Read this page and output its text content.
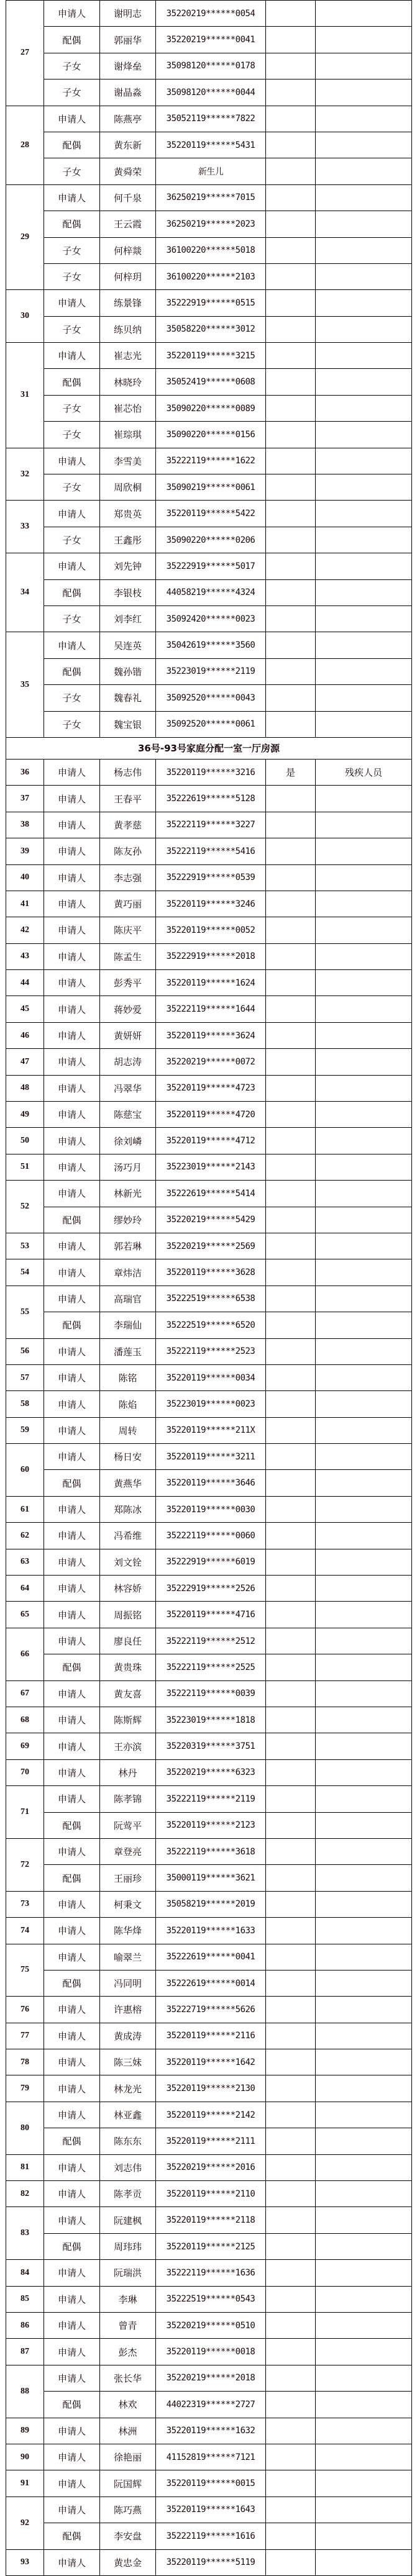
27	申请人	谢明志	35220219******0054		
	配偶	郭丽华	35220219******0041		
	子女	谢烽垒	35098120******0178		
	子女	谢晶淼	35098120******0044		
28	申请人	陈燕亭	35052119******7822		
	配偶	黄东新	35220119******5431		
	子女	黄舜荣	新生儿		
29	申请人	何千泉	36250219******7015		
	配偶	王云霞	36250219******2023		
	子女	何梓燚	36100220******5018		
	子女	何梓玥	36100220******2103		
30	申请人	练景锋	35222919******0515		
	子女	练贝纳	35058220******3012		
31	申请人	崔志光	35220119******3215		
	配偶	林晓玲	35052419******0608		
	子女	崔芯怡	35090220******0089		
	子女	崔琮琪	35090220******0156		
32	申请人	李雪美	35222119******1622		
	子女	周欣桐	35090219******0061		
33	申请人	郑贵英	35220119******5422		
	子女	王鑫彤	35090220******0206		
34	申请人	刘先钟	35222919******5017		
	配偶	李银枝	44058219******4324		
	子女	刘李红	35092420******0023		
35	申请人	吴连英	35042619******3560		
	配偶	魏孙锴	35223019******2119		
	子女	魏春礼	35092520******0043		
	子女	魏宝银	35092520******0061		
36号-93号家庭分配一室一厅房源					
36	申请人	杨志伟	35220119******3216	是	残疾人员
37	申请人	王春平	35222619******5128		
38	申请人	黄孝慈	35222119******3227		
39	申请人	陈友孙	35222119******5416		
40	申请人	李志强	35222919******0539		
41	申请人	黄巧丽	35220119******3246		
42	申请人	陈庆平	35220119******0052		
43	申请人	陈孟生	35222919******2018		
44	申请人	彭秀平	35220119******1624		
45	申请人	蒋妙爱	35222119******1644		
46	申请人	黄妍妍	35220119******3624		
47	申请人	胡志涛	35220219******0072		
48	申请人	冯翠华	35220119******4723		
49	申请人	陈慈宝	35220119******4720		
50	申请人	徐刘嶙	35220119******4712		
51	申请人	汤巧月	35223019******2143		
52	申请人	林新光	35222619******5414		
	配偶	缪妙玲	35220219******5429		
53	申请人	郭若琳	35220219******2569		
54	申请人	章炜洁	35220119******3628		
55	申请人	高瑞官	35222519******6538		
	配偶	李瑞仙	35222519******6520		
56	申请人	潘莲玉	35222119******2523		
57	申请人	陈铭	35220119******0034		
58	申请人	陈焰	35223019******0023		
59	申请人	周转	35220119******211X		
60	申请人	杨日安	35220119******3211		
	配偶	黄燕华	35220119******3646		
61	申请人	郑陈冰	35220119******0030		
62	申请人	冯希维	35222119******0060		
63	申请人	刘文铨	35222919******6019		
64	申请人	林容娇	35222919******2526		
65	申请人	周振铭	35220119******4716		
66	申请人	廖良任	35222119******2512		
	配偶	黄贵珠	35222119******2525		
67	申请人	黄友喜	35222119******0039		
68	申请人	陈斯辉	35223019******1818		
69	申请人	王亦滨	35220319******3751		
70	申请人	林丹	35220219******6323		
71	申请人	陈孝锦	35222119******2119		
	配偶	阮莺平	35220119******2123		
72	申请人	章登亮	35222119******3618		
	配偶	王丽珍	35000119******3621		
73	申请人	柯秉文	35058219******2019		
74	申请人	陈华烽	35220119******1633		
75	申请人	喻翠兰	35222619******0041		
	配偶	冯同明	35222619******0014		
76	申请人	许惠榕	35222719******5626		
77	申请人	黄成涛	35220119******2116		
78	申请人	陈三妹	35220119******1642		
79	申请人	林龙光	35220119******2130		
80	申请人	林亚鑫	35220119******2142		
	配偶	陈东东	35220119******2111		
81	申请人	刘志伟	35220219******2016		
82	申请人	陈孝贡	35220119******2110		
83	申请人	阮建枫	35220119******2118		
	配偶	周玮玮	35220119******2125		
84	申请人	阮瑞洪	35222119******1636		
85	申请人	李琳	35222519******0543		
86	申请人	曾青	35220219******0510		
87	申请人	彭杰	35220119******0018		
88	申请人	张长华	35220219******2018		
	配偶	林欢	44022319******2727		
89	申请人	林洲	35220119******1632		
90	申请人	徐艳丽	41152819******7121		
91	申请人	阮国辉	35220119******0015		
92	申请人	陈巧燕	35220119******1643		
	配偶	李安盘	35222119******1616		
93	申请人	黄忠金	35220119******5119		
